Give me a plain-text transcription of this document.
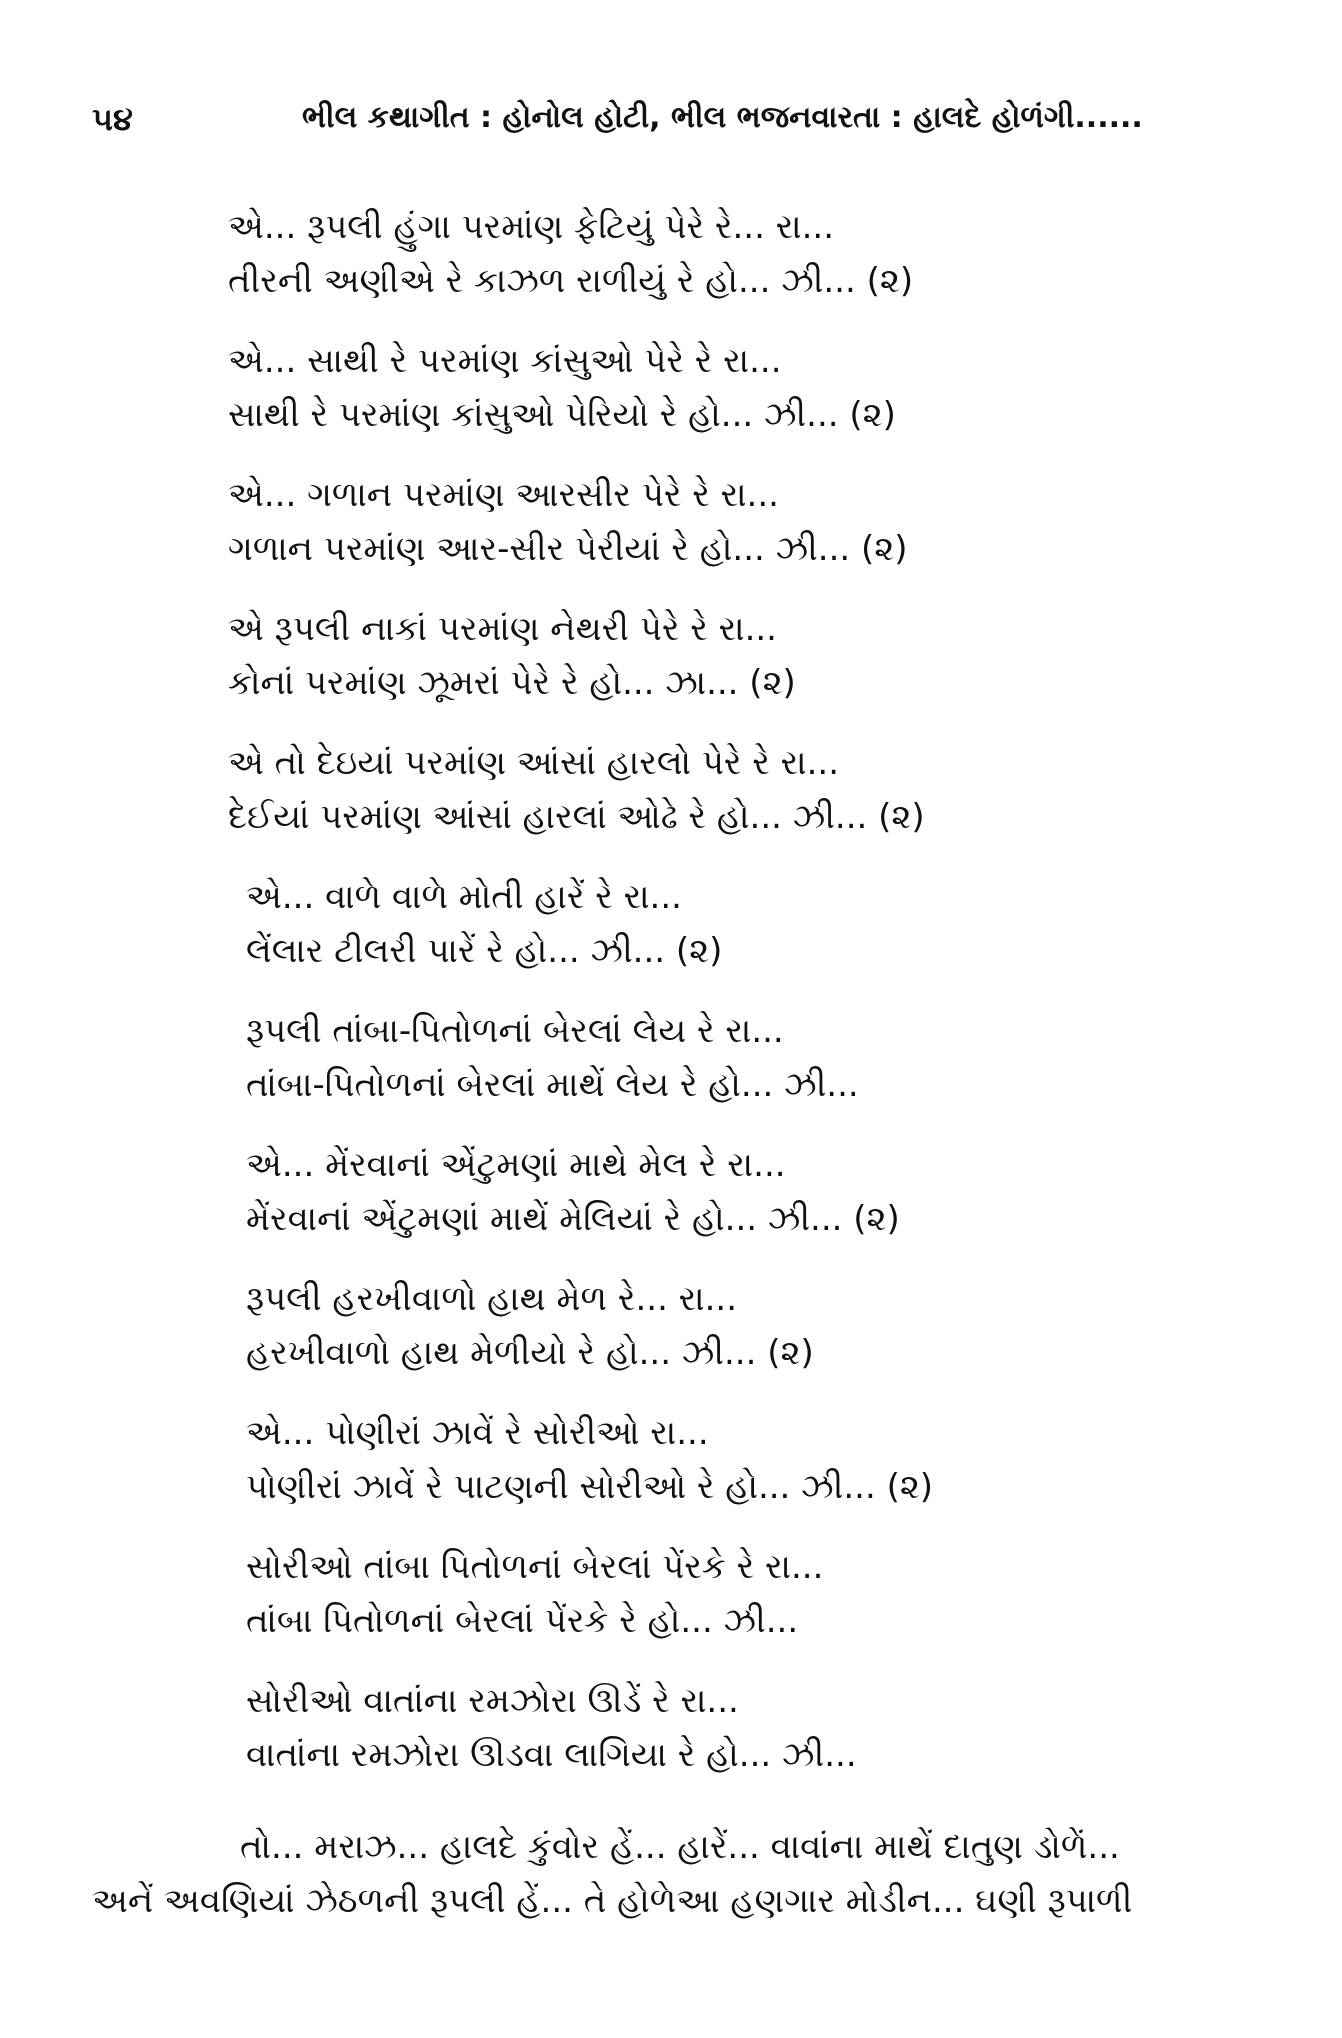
૫૪	ભીલ કથાગીત : હોનોલ હોટી, ભીલ ભજનવારતા : હાલદે હોળંગી......
એ... રૂપલી હુંગા પરમાંણ ફેટિયું પેરે રે... રા...
તીરની અણીએ રે કાઝળ રાળીયું રે હો... ઝી... (૨)
એ... સાથી રે પરમાંણ કાંસુઓ પેરે રે રા...
સાથી રે પરમાંણ કાંસુઓ પેરિયો રે હો... ઝી... (૨)
એ... ગળાન પરમાંણ આરસીર પેરે રે રા...
ગળાન પરમાંણ આર-સીર પેરીયાં રે હો... ઝી... (૨)
એ રૂપલી નાકાં પરમાંણ નેથરી પેરે રે રા...
કોનાં પરમાંણ ઝૂમરાં પેરે રે હો... ઝા... (૨)
એ તો દેઇયાં પરમાંણ આંસાં હારલો પેરે રે રા...
દેઈયાં પરમાંણ આંસાં હારલાં ઓઢે રે હો... ઝી... (૨)
એ... વાળે વાળે મોતી હારેં રે રા...
લેંલાર ટીલરી પારેં રે હો... ઝી... (૨)
રૂપલી તાંબા-પિતોળનાં બેરલાં લેય રે રા...
તાંબા-પિતોળનાં બેરલાં માથેં લેય રે હો... ઝી...
એ... મેંરવાનાં એંટુમણાં માથે મેલ રે રા...
મેંરવાનાં એંટુમણાં માથેં મેલિયાં રે હો... ઝી... (૨)
રૂપલી હરખીવાળો હાથ મેળ રે... રા...
હરખીવાળો હાથ મેળીયો રે હો... ઝી... (૨)
એ... પોણીરાં ઝાવેં રે સોરીઓ રા...
પોણીરાં ઝાવેં રે પાટણની સોરીઓ રે હો... ઝી... (૨)
સોરીઓ તાંબા પિતોળનાં બેરલાં પેંરકે રે રા...
તાંબા પિતોળનાં બેરલાં પેંરકે રે હો... ઝી...
સોરીઓ વાતાંના રમઝોરા ઊડેં રે રા...
વાતાંના રમઝોરા ઊડવા લાગિયા રે હો... ઝી...
તો... મરાઝ... હાલદે કુંવોર હેં... હારેં... વાવાંના માથેં દાતુણ ડોળેં...
અનેં અવણિયાં ઝેઠળની રૂપલી હેં... તે હોળેઆ હણગાર મોડીન... ઘણી રૂપાળી
